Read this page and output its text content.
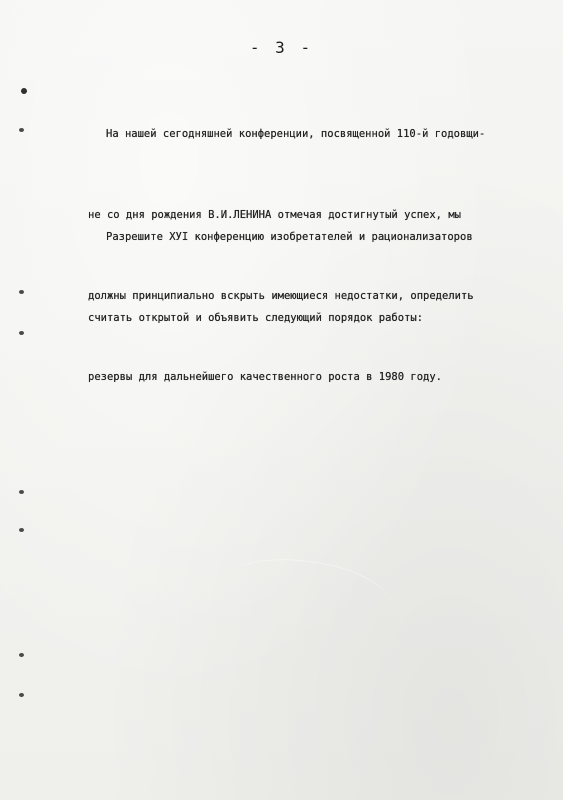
- 3 -

На нашей сегодняшней конференции, посвященной 110-й годовщи-

не со дня рождения В.И.ЛЕНИНА отмечая достигнутый успех, мы

должны принципиально вскрыть имеющиеся недостатки, определить

резервы для дальнейшего качественного роста в 1980 году.

Разрешите ХУI конференцию изобретателей и рационализаторов

считать открытой и объявить следующий порядок работы:
